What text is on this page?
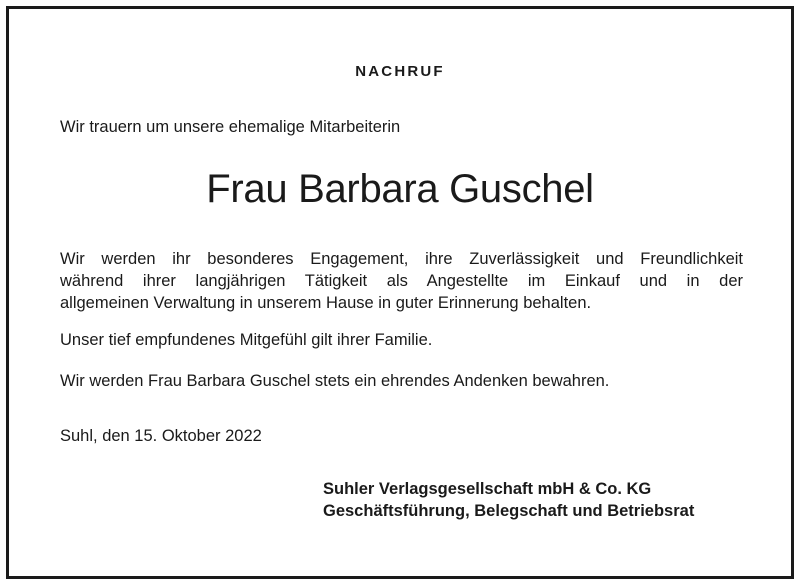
NACHRUF
Wir trauern um unsere ehemalige Mitarbeiterin
Frau Barbara Guschel
Wir werden ihr besonderes Engagement, ihre Zuverlässigkeit und Freundlichkeit
während ihrer langjährigen Tätigkeit als Angestellte im Einkauf und in der
allgemeinen Verwaltung in unserem Hause in guter Erinnerung behalten.
Unser tief empfundenes Mitgefühl gilt ihrer Familie.
Wir werden Frau Barbara Guschel stets ein ehrendes Andenken bewahren.
Suhl, den 15. Oktober 2022
Suhler Verlagsgesellschaft mbH & Co. KG
Geschäftsführung, Belegschaft und Betriebsrat
